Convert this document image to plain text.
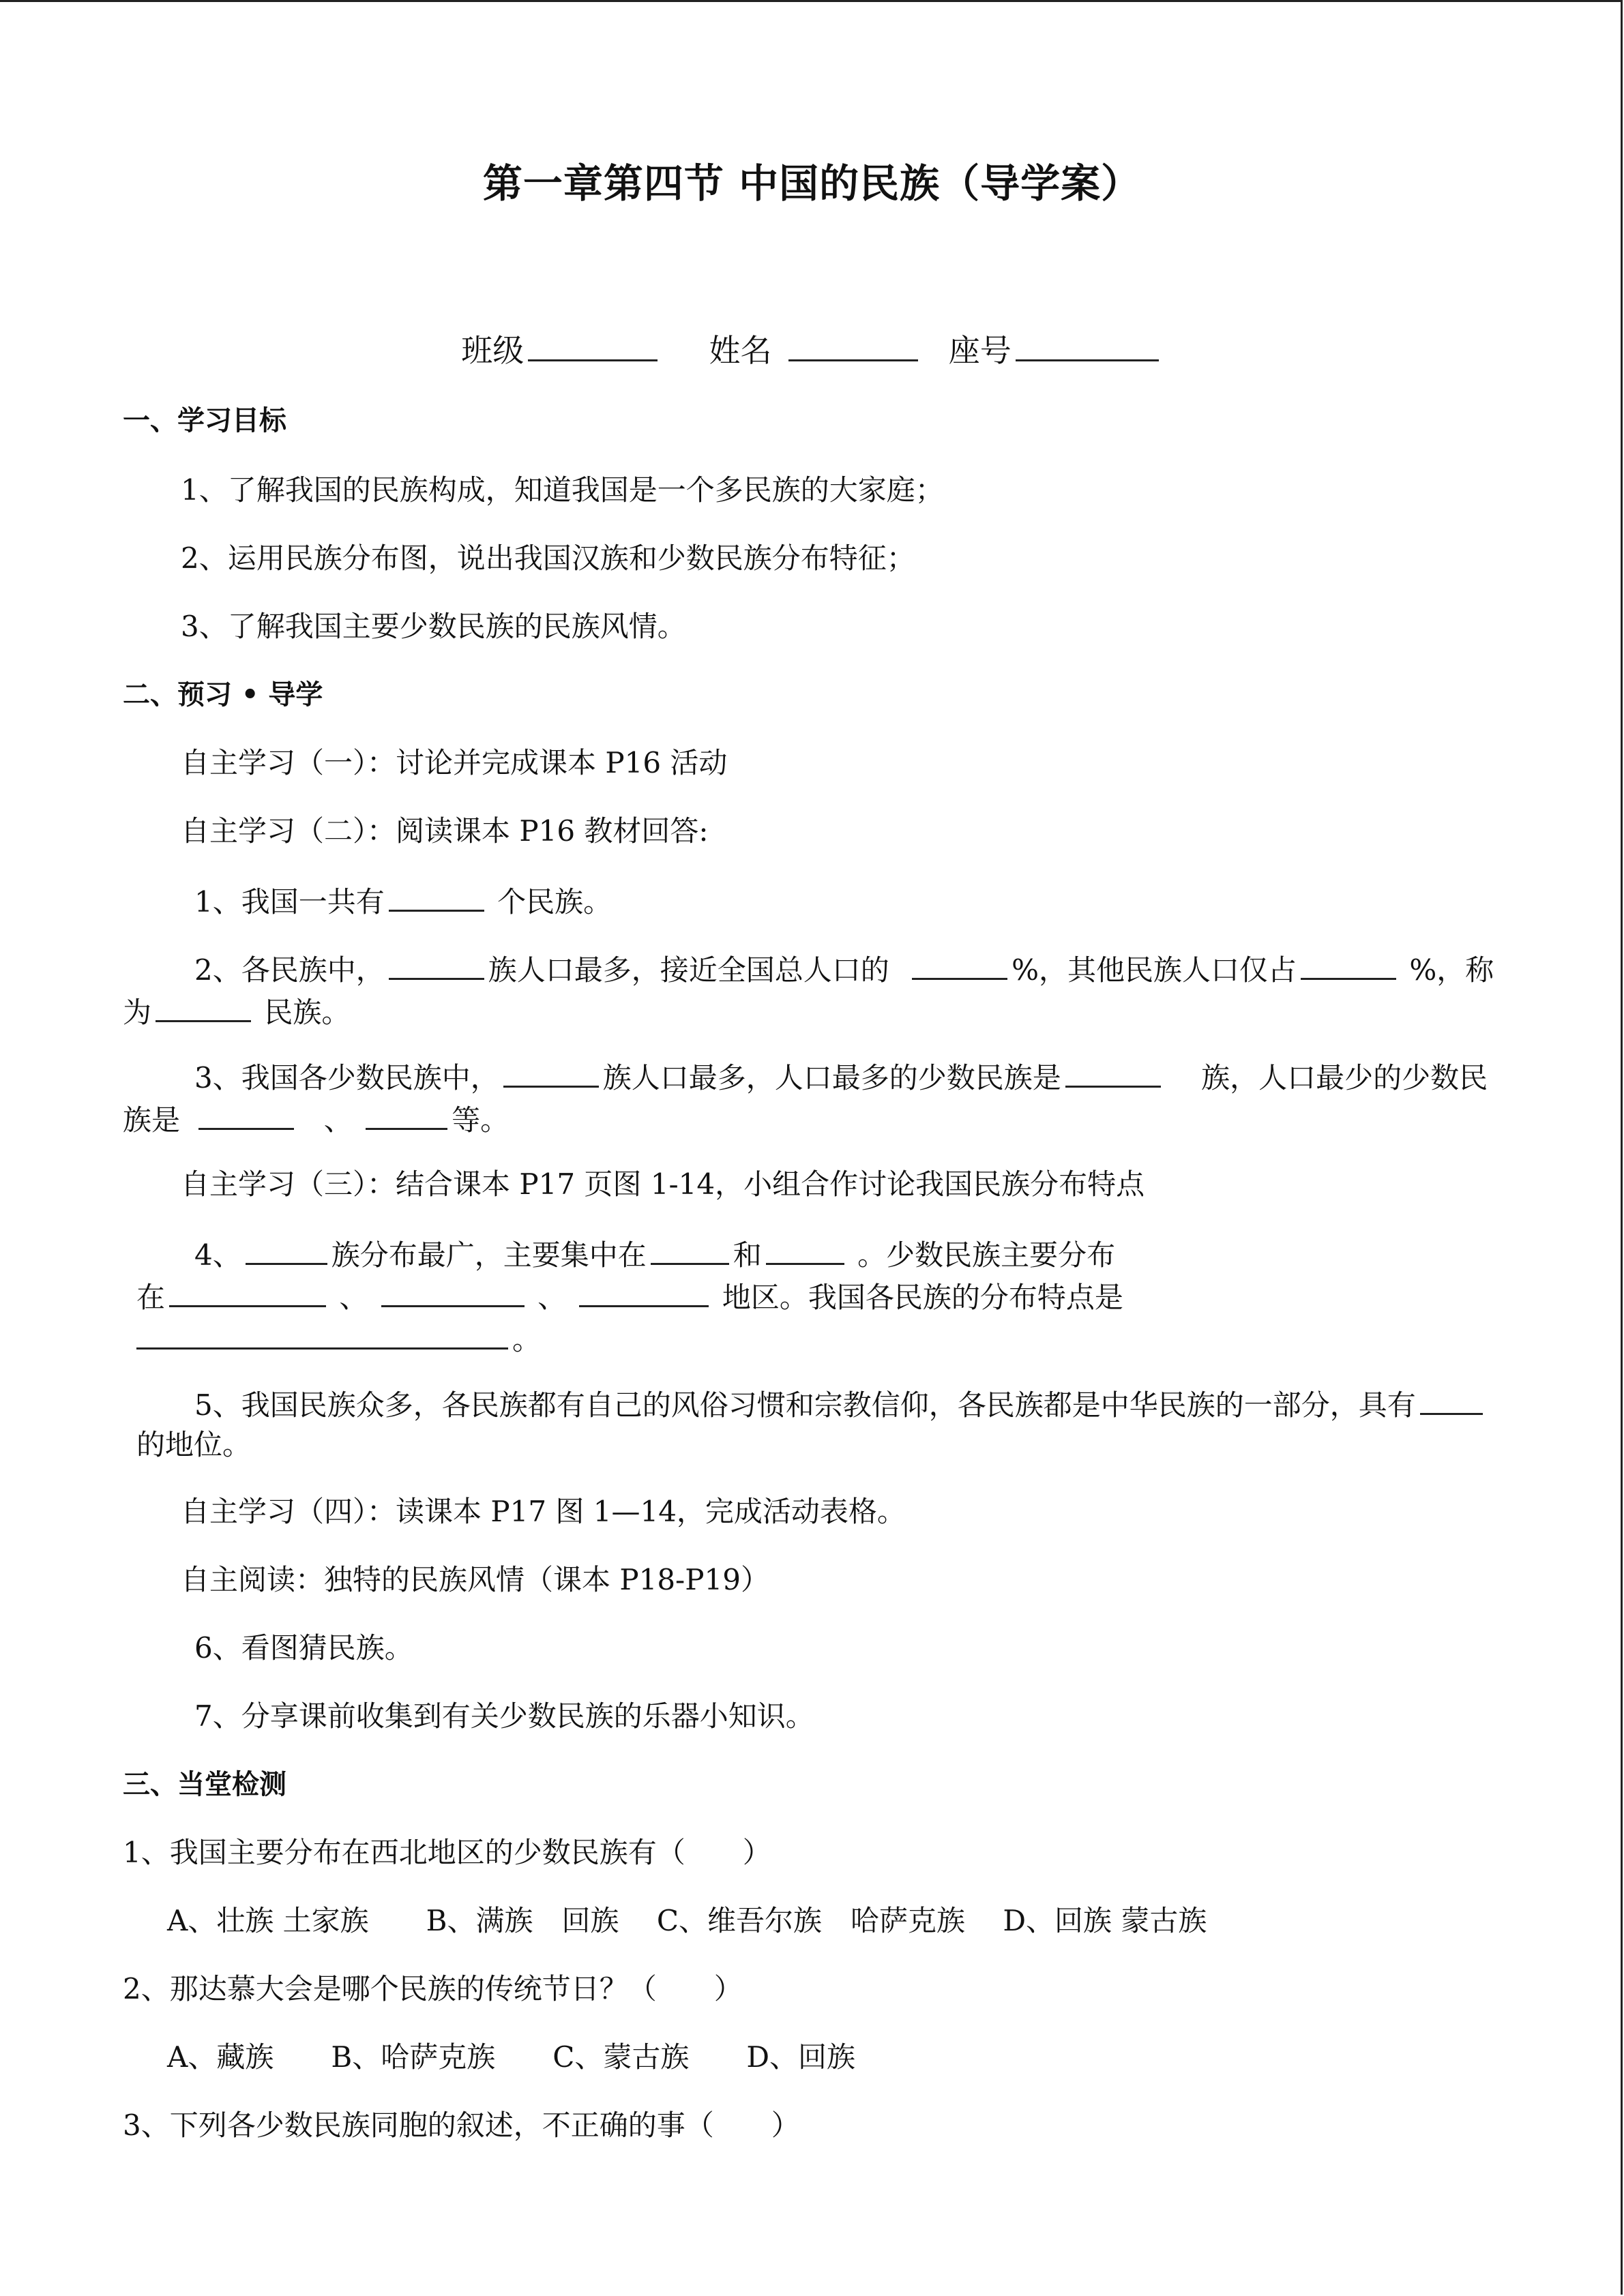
第一章第四节 中国的民族（导学案）
班级	姓名	座号
一、学习目标
1、了解我国的民族构成，知道我国是一个多民族的大家庭；
2、运用民族分布图，说出我国汉族和少数民族分布特征；
3、了解我国主要少数民族的民族风情。
二、预习 • 导学
自主学习（一）：讨论并完成课本 P16 活动
自主学习（二）：阅读课本 P16 教材回答:
1、我国一共有	个民族。
2、各民族中，	族人口最多，接近全国总人口的	%，其他民族人口仅占	%，称
为	民族。
3、我国各少数民族中，	族人口最多，人口最多的少数民族是	族，人口最少的少数民
族是	、	等。
自主学习（三）：结合课本 P17 页图 1-14，小组合作讨论我国民族分布特点
4、	族分布最广，主要集中在	和	。少数民族主要分布
在	、	、	地区。我国各民族的分布特点是
。
5、我国民族众多，各民族都有自己的风俗习惯和宗教信仰，各民族都是中华民族的一部分，具有
的地位。
自主学习（四）：读课本 P17 图 1—14，完成活动表格。
自主阅读：独特的民族风情（课本 P18-P19）
6、看图猜民族。
7、分享课前收集到有关少数民族的乐器小知识。
三、当堂检测
1、我国主要分布在西北地区的少数民族有（　　）
A、壮族 土家族　　B、满族　回族　 C、维吾尔族　哈萨克族　 D、回族 蒙古族
2、那达慕大会是哪个民族的传统节日？（　　）
A、藏族　　B、哈萨克族　　C、蒙古族　　D、回族
3、下列各少数民族同胞的叙述，不正确的事（　　）
